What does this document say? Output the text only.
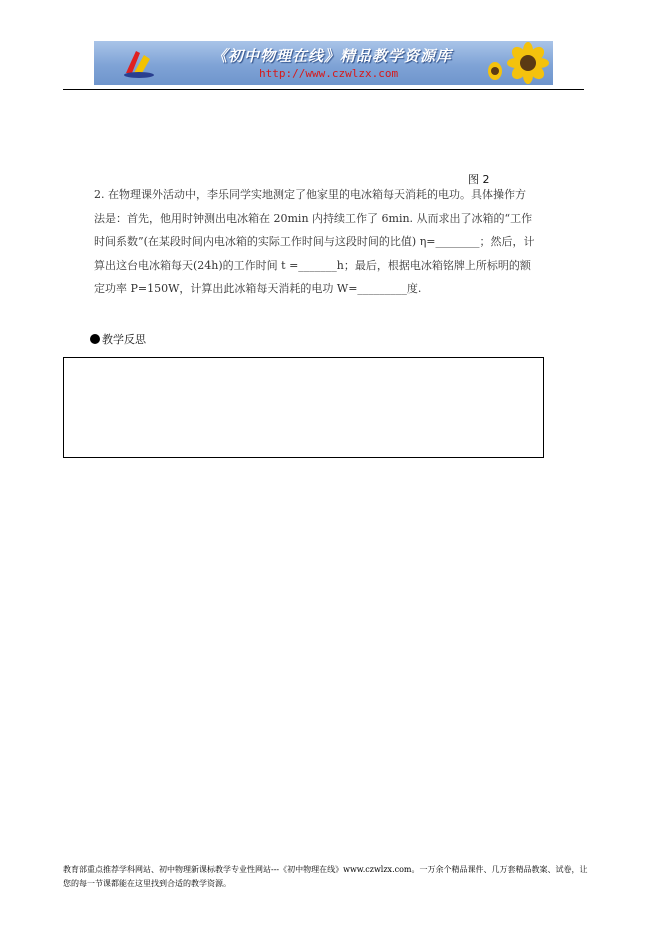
《初中物理在线》精品教学资源库
http://www.czwlzx.com
图 2

2. 在物理课外活动中，李乐同学实地测定了他家里的电冰箱每天消耗的电功。具体操作方法是：首先，他用时钟测出电冰箱在 20min 内持续工作了 6min. 从而求出了冰箱的“工作时间系数”(在某段时间内电冰箱的实际工作时间与这段时间的比值) η=________；然后，计算出这台电冰箱每天(24h)的工作时间 t =_______h；最后，根据电冰箱铭牌上所标明的额定功率 P=150W，计算出此冰箱每天消耗的电功 W=_________度.

教学反思
教育部重点推荐学科网站、初中物理新课标教学专业性网站---《初中物理在线》www.czwlzx.com。一万余个精品课件、几万套精品教案、试卷，让您的每一节课都能在这里找到合适的教学资源。
